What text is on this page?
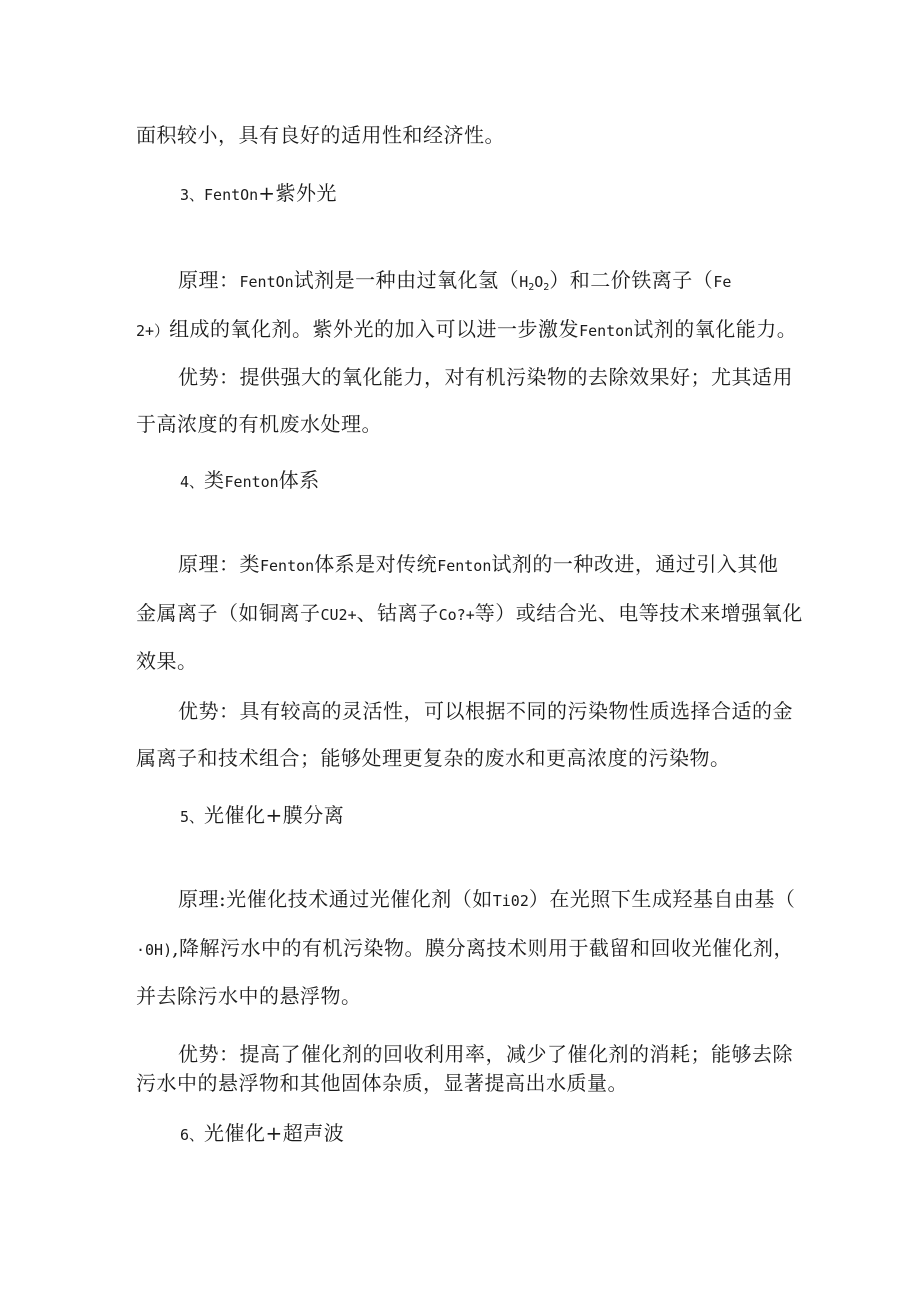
面积较小，具有良好的适用性和经济性。
3、FentOn+紫外光
原理：FentOn试剂是一种由过氧化氢$(H_2O_2)$和二价铁离子（Fe
2+）组成的氧化剂。紫外光的加入可以进一步激发Fenton试剂的氧化能力。
优势：提供强大的氧化能力，对有机污染物的去除效果好；尤其适用
于高浓度的有机废水处理。
4、类Fenton体系
原理：类Fenton体系是对传统Fenton试剂的一种改进，通过引入其他
金属离子（如铜离子CU2+、钴离子Co?+等）或结合光、电等技术来增强氧化
效果。
优势：具有较高的灵活性，可以根据不同的污染物性质选择合适的金
属离子和技术组合；能够处理更复杂的废水和更高浓度的污染物。
5、光催化+膜分离
原理:光催化技术通过光催化剂（如Ti02）在光照下生成羟基自由基（
·0H),降解污水中的有机污染物。膜分离技术则用于截留和回收光催化剂，
并去除污水中的悬浮物。
优势：提高了催化剂的回收利用率，减少了催化剂的消耗；能够去除
污水中的悬浮物和其他固体杂质，显著提高出水质量。
6、光催化+超声波
